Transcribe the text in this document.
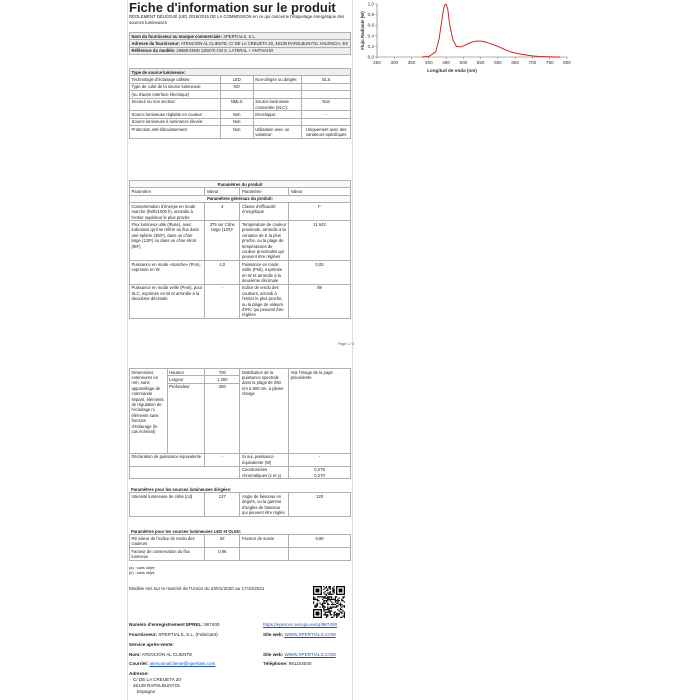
Fiche d'information sur le produit
RÈGLEMENT DÉLÉGUÉ (UE) 2019/2015 DE LA COMMISSION en ce qui concerne l'étiquetage énergétique des sources lumineuses
Nom du fournisseur ou marque commerciale: XPERTIALS, S.L.
Adresse du fournisseur: ATENCION AL CLIENTE, C/ DE LA CREUETA 20, 46138 RAFELBUNYOL VALENCIA, ES
Référence du modèle: 29688 EMIN 130X70 CM S. LATERAL + ANTIVAHO
Type de source lumineuse:			
Technologie d'éclairage utilisée:	LED	Non-dirigée ou dirigée:	DLS
Type de culot de la source lumineuse	NO		
(ou d'autre interface électrique)			
Secteur ou non secteur:	NMLS	Source lumineuse connectée (SLC):	Non
Source lumineuse réglable en couleur:	Non	Enveloppe:	-
Source lumineuse à luminance élevée:	Non		
Protection anti-éblouissement:	Non	Utilisation avec un variateur:	Uniquement avec des variateurs spécifiques
Paramètres du produit			
Paramètre	Valeur	Paramètre	Valeur
Paramètres généraux du produit:			
Consommation d'énergie en mode marche (kWh/1000 h), arrondie à l'entier supérieur le plus proche	4	Classe d'efficacité énergétique	F
Flux lumineux utile (Φuse), avec indication qu'il se réfère au flux dans une sphère (360º), dans un cône large (120º) ou dans un cône étroit (90º)	375 sur Cône large (120)º	Température de couleur proximale, arrondie à la centaine de K la plus proche, ou la plage de températures de couleur proximales qui peuvent être réglées	11 642
Puissance en mode «marche» (Pon), exprimée en W	4,0	Puissance en mode veille (Psb), exprimée en W et arrondie à la deuxième décimale	0,00
Puissance en mode veille (Pnet), pour SLC, exprimée en W et arrondie à la deuxième décimale	-	Indice de rendu des couleurs, arrondi à l'entier le plus proche, ou la plage de valeurs d'IRC qui peuvent être réglées	89
Page 1 / 4
Dimensions extérieures en mm, sans appareillage de commande séparé, éléments de régulation de l'éclairage ni éléments sans fonction d'éclairage (le cas échéant)	Hauteur	700	Distribution de la puissance spectrale dans la plage de 250 nm à 800 nm, à pleine charge	Voir l'image de la page précédente
	Largeur	1 300		
	Profondeur	260		
Déclaration de puissance équivalente		-	Si oui, puissance équivalente (W)	-
			Coordonnées chromatiques (x et y)	0,279
0,270
Paramètres pour les sources lumineuses dirigées:
Intensité lumineuse de crête (cd)	127	Angle de faisceau en degrés, ou la gamme d'angles de faisceau qui peuvent être réglés	120
Paramètres pour les sources lumineuses LED et OLED:			
R9 valeur de l'indice de rendu des couleurs	62	Facteur de survie	0,90
Facteur de conservation du flux lumineux	0,96		
(a) : sans objet;
(b) : sans objet;
Modèle mis sur le marché de l'Union du 23/01/2020 au 17/10/2021
Numéro d'enregistrement EPREL: 987400	https://eprel.ec.europa.eu/qr/987400
Fournisseur: XPERTIALS, S.L. (Fabricant)	Site web: WWW.XPERTIALS.COM
Service après-vente:
Nom: ATENCION AL CLIENTE	Site web: WWW.XPERTIALS.COM
Courriel: atencionalcliente@xpertials.com	Téléphone: 961104040
Adresse:
C/ DE LA CREUETA 20
46138 RAFELBUNYOL
Espagne
0,0
0,2
0,4
0,6
0,8
1,0
250 300 350 400 450 500 550 600 650 700 750 800
Longitud de onda (nm)
Flujo Radiante (W)
